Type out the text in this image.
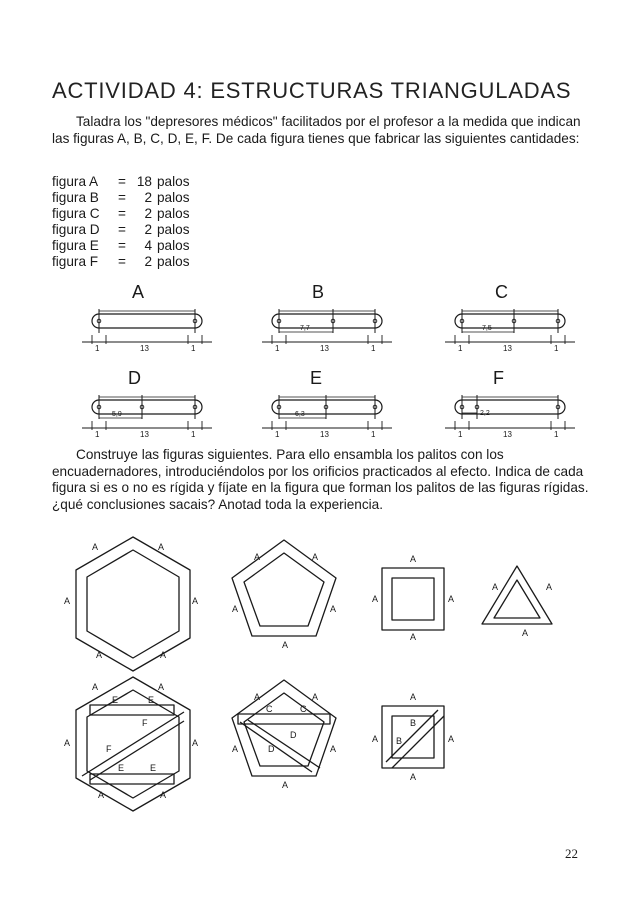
ACTIVIDAD 4: ESTRUCTURAS TRIANGULADAS

Taladra los "depresores médicos" facilitados por el profesor a la medida que indican las figuras A, B, C, D, E, F. De cada figura tienes que fabricar las siguientes cantidades:

figura A = 18 palos
figura B = 2 palos
figura C = 2 palos
figura D = 2 palos
figura E = 4 palos
figura F = 2 palos
A
1	13	1
B
7,7
1	13	1
C
7,5
1	13	1
D
5,9
1	13	1
E
6,3
1	13	1
F
2,2
1	13	1

Construye las figuras siguientes. Para ello ensambla los palitos con los encuadernadores, introduciéndolos por los orificios practicados al efecto. Indica de cada figura si es o no es rígida y fíjate en la figura que forman los palitos de las figuras rígidas. ¿qué conclusiones sacais? Anotad toda la experiencia.

A	A
A	A
A	A
A	A
A	A
A
A
A	A
A
A	A
A
A	A
A	A
A	A
E	E
F
F
E	E
A	A
A	A
A
C	C
D
D
A
A	A
A
B
B
22
